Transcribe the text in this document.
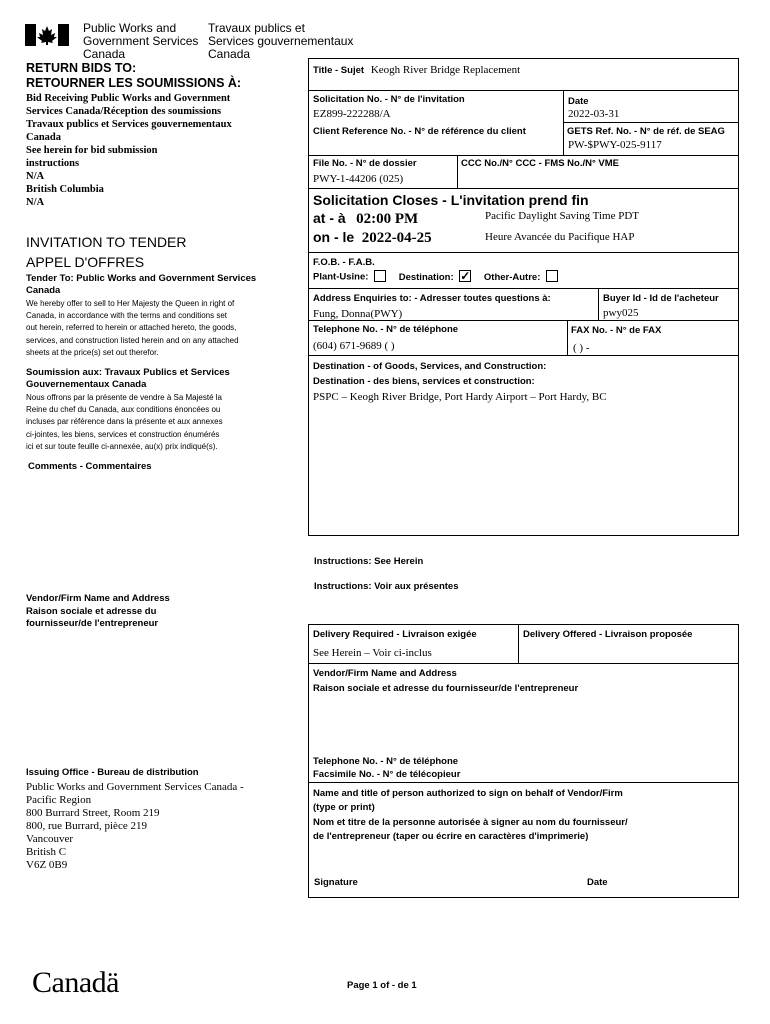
Public Works and
Government Services
Canada
Travaux publics et
Services gouvernementaux
Canada
RETURN BIDS TO:
RETOURNER LES SOUMISSIONS À:
Bid Receiving Public Works and Government
Services Canada/Réception des soumissions
Travaux publics et Services gouvernementaux
Canada
See herein for bid submission
instructions
N/A
British Columbia
N/A
INVITATION TO TENDER
APPEL D'OFFRES
Tender To: Public Works and Government Services Canada
We hereby offer to sell to Her Majesty the Queen in right of
Canada, in accordance with the terms and conditions set
out herein, referred to herein or attached hereto, the goods,
services, and construction listed herein and on any attached
sheets at the price(s) set out therefor.
Soumission aux: Travaux Publics et Services Gouvernementaux Canada
Nous offrons par la présente de vendre à Sa Majesté la
Reine du chef du Canada, aux conditions énoncées ou
incluses par référence dans la présente et aux annexes
ci-jointes, les biens, services et construction énumérés
ici et sur toute feuille ci-annexée, au(x) prix indiqué(s).
Comments - Commentaires
Vendor/Firm Name and Address
Raison sociale et adresse du
fournisseur/de l'entrepreneur
Issuing Office - Bureau de distribution
Public Works and Government Services Canada -
Pacific Region
800 Burrard Street, Room 219
800, rue Burrard, pièce 219
Vancouver
British C
V6Z 0B9
Title - Sujet Keogh River Bridge Replacement
Solicitation No. - N° de l'invitation
EZ899-222288/A
Date
2022-03-31
Client Reference No. - N° de référence du client	GETS Ref. No. - N° de réf. de SEAG
PW-$PWY-025-9117
File No. - N° de dossier
PWY-1-44206 (025)
CCC No./N° CCC - FMS No./N° VME
Solicitation Closes - L'invitation prend fin
at - à 02:00 PM
on - le 2022-04-25
Pacific Daylight Saving Time PDT
Heure Avancée du Pacifique HAP
F.O.B. - F.A.B.
Plant-Usine:	Destination: ✓ Other-Autre:
Address Enquiries to: - Adresser toutes questions à:
Fung, Donna(PWY)
Buyer Id - Id de l'acheteur
pwy025
Telephone No. - N° de téléphone
(604) 671-9689 ( )
FAX No. - N° de FAX
( ) -
Destination - of Goods, Services, and Construction:
Destination - des biens, services et construction:
PSPC – Keogh River Bridge, Port Hardy Airport – Port Hardy, BC
Instructions: See Herein
Instructions: Voir aux présentes
Delivery Required - Livraison exigée
See Herein – Voir ci-inclus
Delivery Offered - Livraison proposée
Vendor/Firm Name and Address
Raison sociale et adresse du fournisseur/de l'entrepreneur
Telephone No. - N° de téléphone
Facsimile No. - N° de télécopieur
Name and title of person authorized to sign on behalf of Vendor/Firm
(type or print)
Nom et titre de la personne autorisée à signer au nom du fournisseur/
de l'entrepreneur (taper ou écrire en caractères d'imprimerie)
Signature	Date
Canadä	Page 1 of - de 1
